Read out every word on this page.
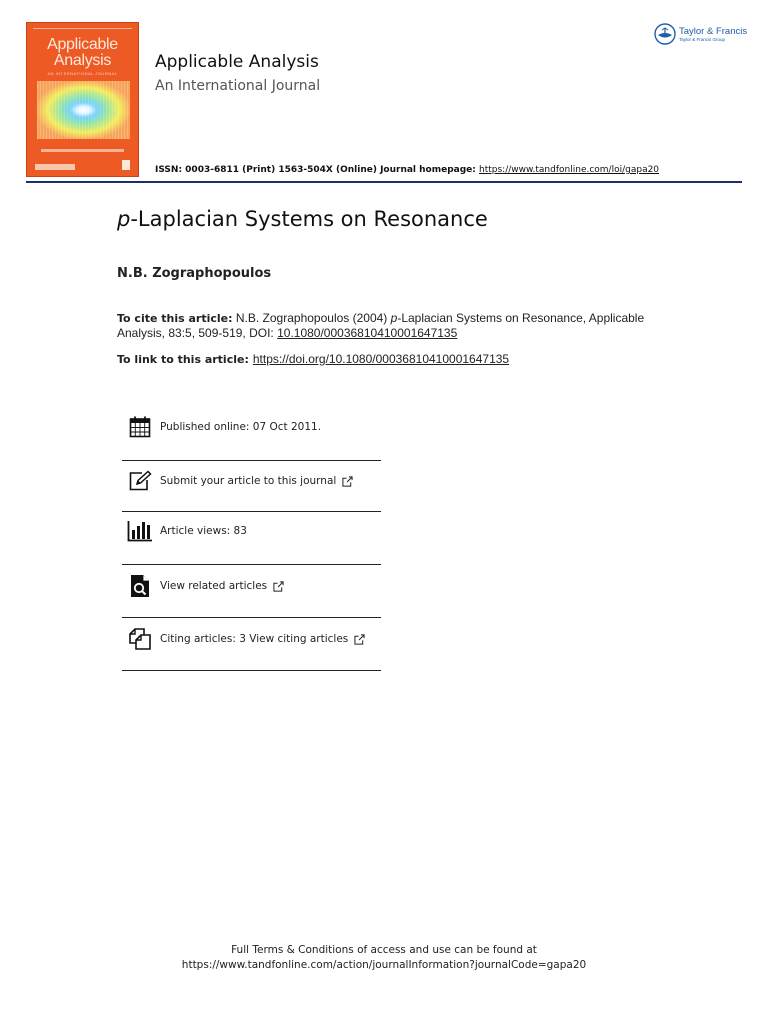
Applicable
Analysis
AN INTERNATIONAL JOURNAL
Applicable Analysis
An International Journal
ISSN: 0003-6811 (Print) 1563-504X (Online) Journal homepage: https://www.tandfonline.com/loi/gapa20
Taylor & Francis
Taylor & Francis Group
p-Laplacian Systems on Resonance
N.B. Zographopoulos
To cite this article: N.B. Zographopoulos (2004) p-Laplacian Systems on Resonance, Applicable Analysis, 83:5, 509-519, DOI: 10.1080/00036810410001647135
To link to this article: https://doi.org/10.1080/00036810410001647135
Published online: 07 Oct 2011.
Submit your article to this journal
Article views: 83
View related articles
Citing articles: 3 View citing articles
Full Terms & Conditions of access and use can be found at
https://www.tandfonline.com/action/journalInformation?journalCode=gapa20
